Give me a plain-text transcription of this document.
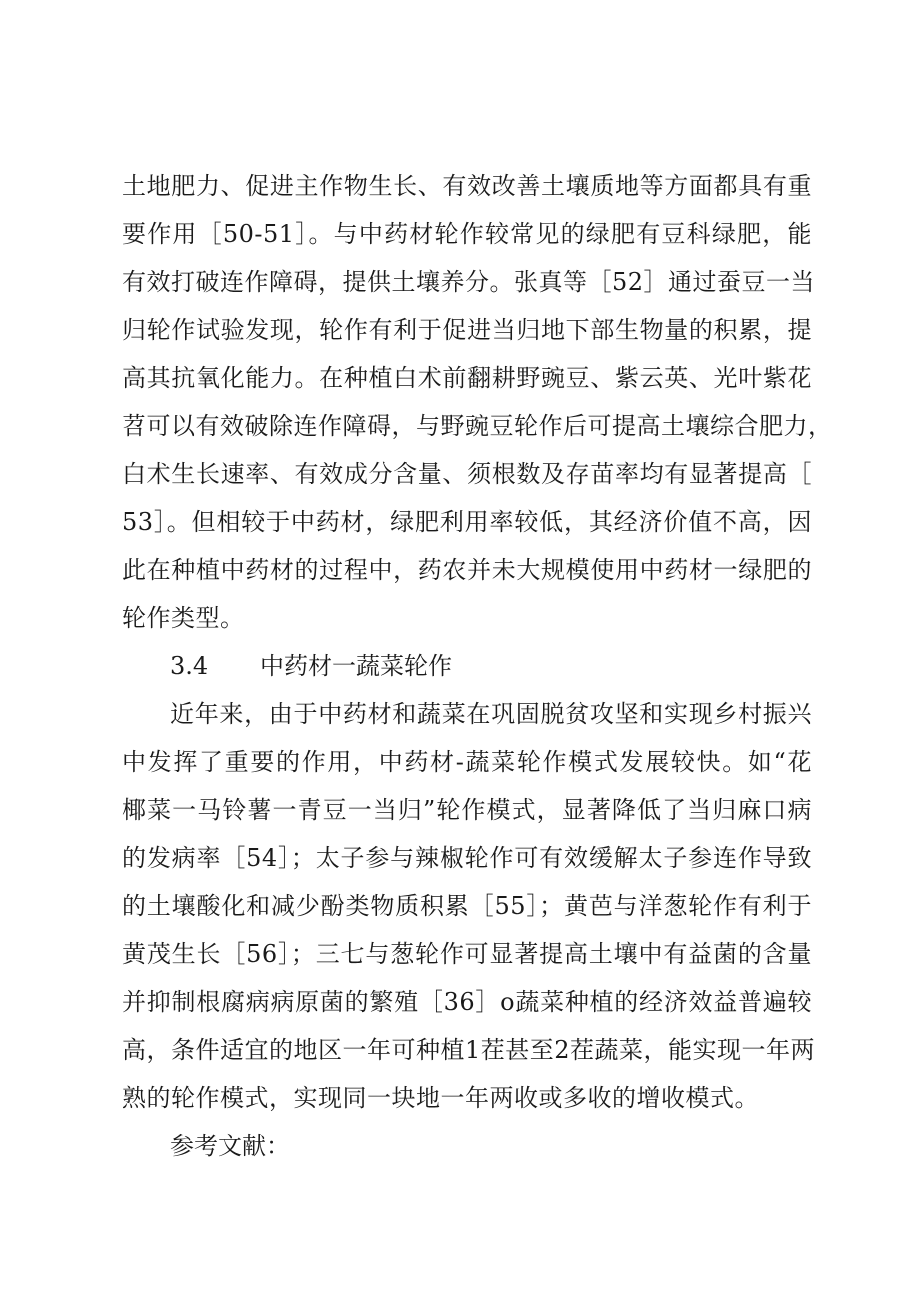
土地肥力、促进主作物生长、有效改善土壤质地等方面都具有重
要作用［50-51］。与中药材轮作较常见的绿肥有豆科绿肥，能
有效打破连作障碍，提供土壤养分。张真等［52］通过蚕豆一当
归轮作试验发现，轮作有利于促进当归地下部生物量的积累，提
高其抗氧化能力。在种植白术前翻耕野豌豆、紫云英、光叶紫花
苕可以有效破除连作障碍，与野豌豆轮作后可提高土壤综合肥力，
白术生长速率、有效成分含量、须根数及存苗率均有显著提高［
53］。但相较于中药材，绿肥利用率较低，其经济价值不高，因
此在种植中药材的过程中，药农并未大规模使用中药材一绿肥的
轮作类型。
3.4	中药材一蔬菜轮作
近年来，由于中药材和蔬菜在巩固脱贫攻坚和实现乡村振兴
中发挥了重要的作用，中药材-蔬菜轮作模式发展较快。如“花
椰菜一马铃薯一青豆一当归”轮作模式，显著降低了当归麻口病
的发病率［54］；太子参与辣椒轮作可有效缓解太子参连作导致
的土壤酸化和减少酚类物质积累［55］；黄芭与洋葱轮作有利于
黄茂生长［56］；三七与葱轮作可显著提高土壤中有益菌的含量
并抑制根腐病病原菌的繁殖［36］o蔬菜种植的经济效益普遍较
高，条件适宜的地区一年可种植1茬甚至2茬蔬菜，能实现一年两
熟的轮作模式，实现同一块地一年两收或多收的增收模式。
参考文献：
